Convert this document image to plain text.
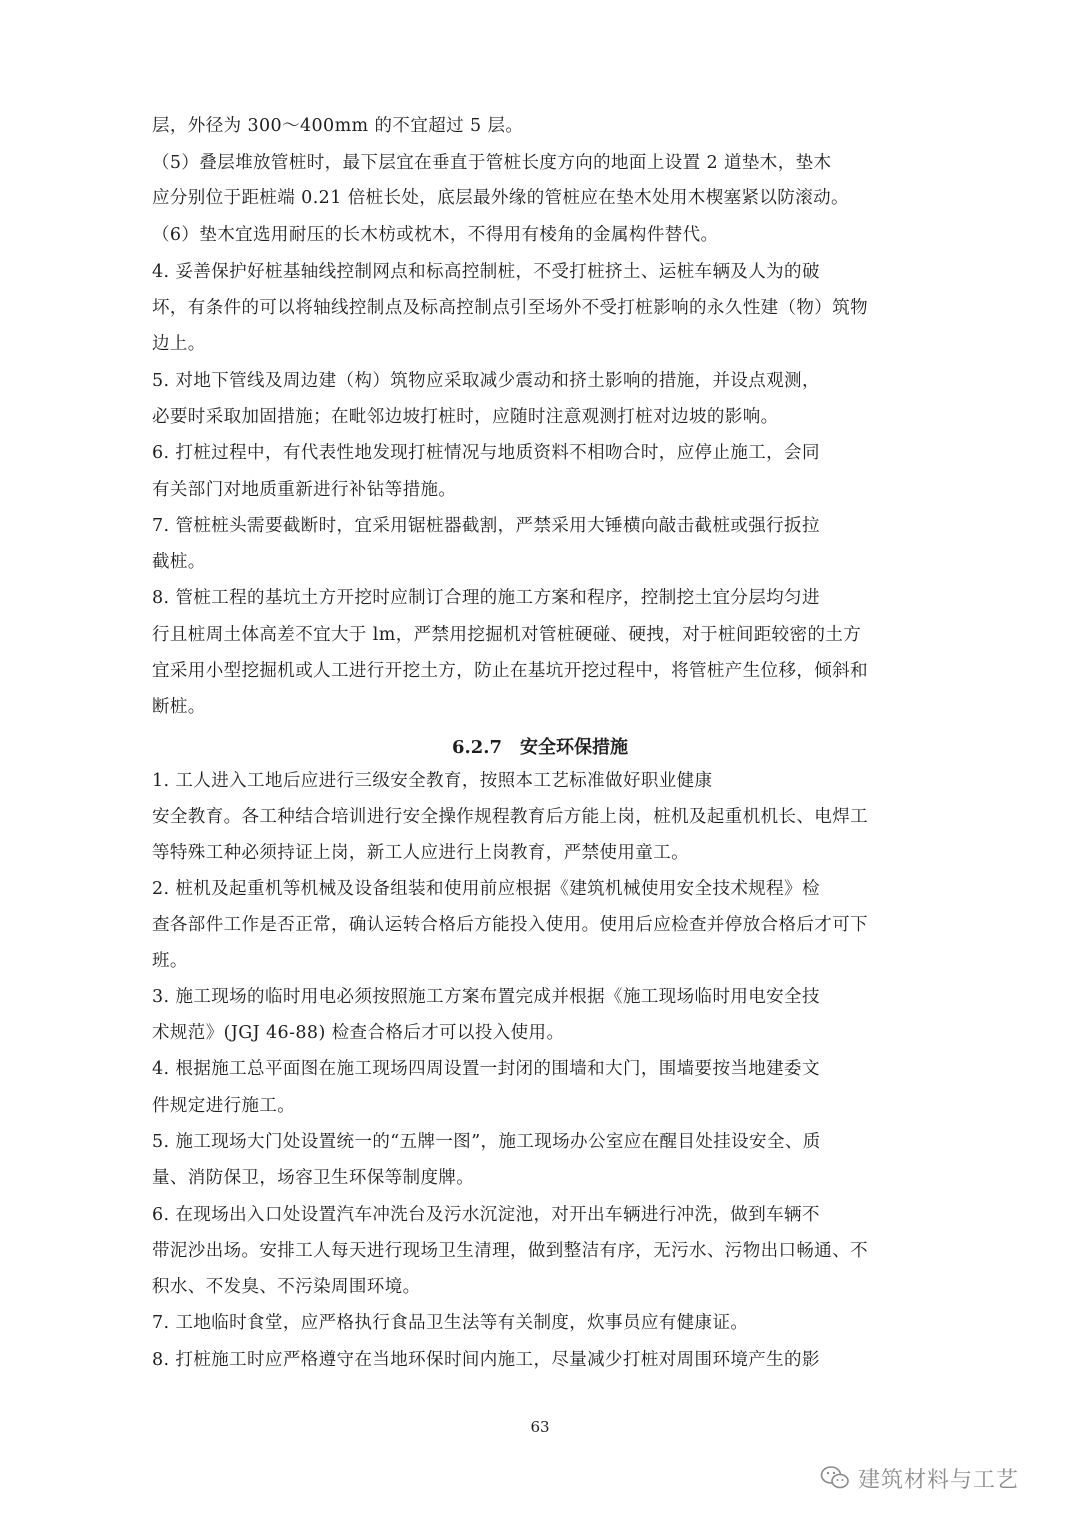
层，外径为 300～400mm 的不宜超过 5 层。
（5）叠层堆放管桩时，最下层宜在垂直于管桩长度方向的地面上设置 2 道垫木，垫木
应分别位于距桩端 0.21 倍桩长处，底层最外缘的管桩应在垫木处用木楔塞紧以防滚动。
（6）垫木宜选用耐压的长木枋或枕木，不得用有棱角的金属构件替代。
4. 妥善保护好桩基轴线控制网点和标高控制桩，不受打桩挤土、运桩车辆及人为的破
坏，有条件的可以将轴线控制点及标高控制点引至场外不受打桩影响的永久性建（物）筑物
边上。
5. 对地下管线及周边建（构）筑物应采取减少震动和挤土影响的措施，并设点观测，
必要时采取加固措施；在毗邻边坡打桩时，应随时注意观测打桩对边坡的影响。
6. 打桩过程中，有代表性地发现打桩情况与地质资料不相吻合时，应停止施工，会同
有关部门对地质重新进行补钻等措施。
7. 管桩桩头需要截断时，宜采用锯桩器截割，严禁采用大锤横向敲击截桩或强行扳拉
截桩。
8. 管桩工程的基坑土方开挖时应制订合理的施工方案和程序，控制挖土宜分层均匀进
行且桩周土体高差不宜大于 lm，严禁用挖掘机对管桩硬碰、硬拽，对于桩间距较密的土方
宜采用小型挖掘机或人工进行开挖土方，防止在基坑开挖过程中，将管桩产生位移，倾斜和
断桩。
6.2.7　安全环保措施
1. 工人进入工地后应进行三级安全教育，按照本工艺标准做好职业健康
安全教育。各工种结合培训进行安全操作规程教育后方能上岗，桩机及起重机机长、电焊工
等特殊工种必须持证上岗，新工人应进行上岗教育，严禁使用童工。
2. 桩机及起重机等机械及设备组装和使用前应根据《建筑机械使用安全技术规程》检
查各部件工作是否正常，确认运转合格后方能投入使用。使用后应检查并停放合格后才可下
班。
3. 施工现场的临时用电必须按照施工方案布置完成并根据《施工现场临时用电安全技
术规范》(JGJ 46-88) 检查合格后才可以投入使用。
4. 根据施工总平面图在施工现场四周设置一封闭的围墙和大门，围墙要按当地建委文
件规定进行施工。
5. 施工现场大门处设置统一的“五牌一图”，施工现场办公室应在醒目处挂设安全、质
量、消防保卫，场容卫生环保等制度牌。
6. 在现场出入口处设置汽车冲洗台及污水沉淀池，对开出车辆进行冲洗，做到车辆不
带泥沙出场。安排工人每天进行现场卫生清理，做到整洁有序，无污水、污物出口畅通、不
积水、不发臭、不污染周围环境。
7. 工地临时食堂，应严格执行食品卫生法等有关制度，炊事员应有健康证。
8. 打桩施工时应严格遵守在当地环保时间内施工，尽量减少打桩对周围环境产生的影
63
建筑材料与工艺
